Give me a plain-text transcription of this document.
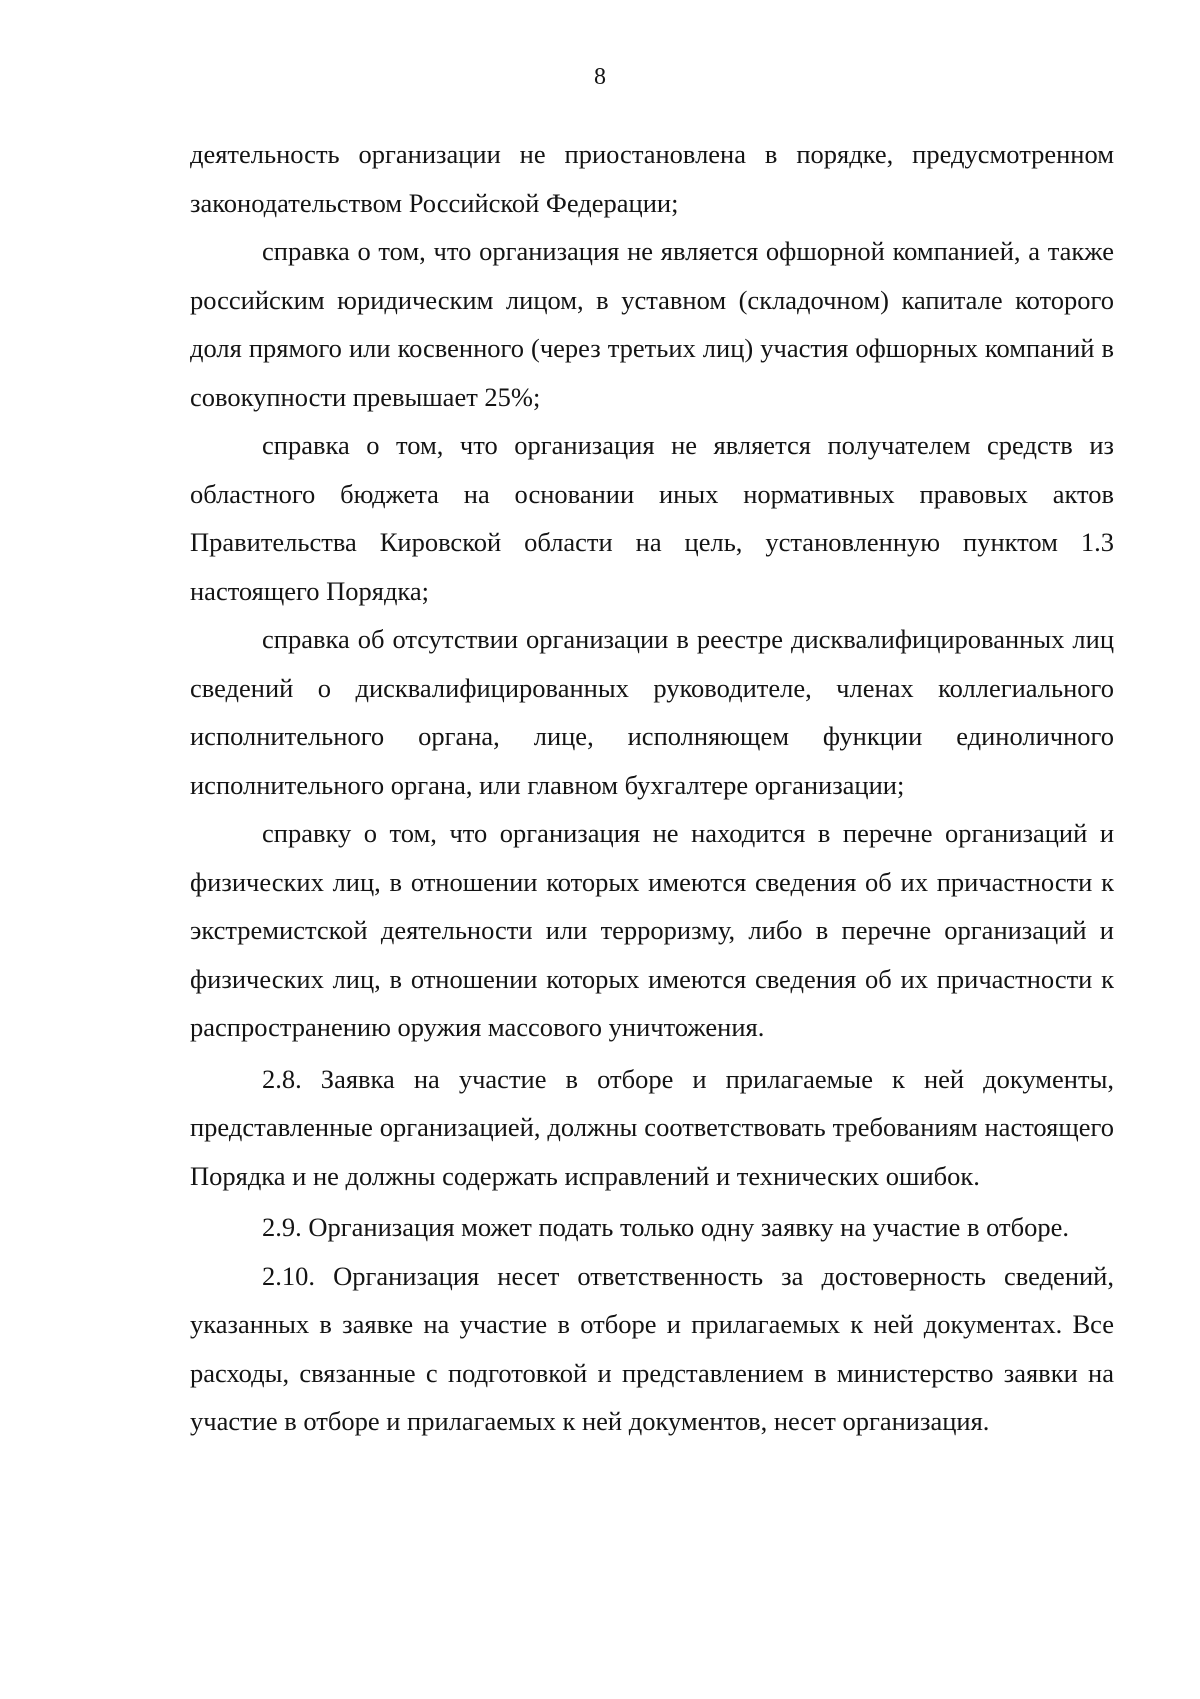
8

деятельность организации не приостановлена в порядке, предусмотренном законодательством Российской Федерации;

справка о том, что организация не является офшорной компанией, а также российским юридическим лицом, в уставном (складочном) капитале которого доля прямого или косвенного (через третьих лиц) участия офшорных компаний в совокупности превышает 25%;

справка о том, что организация не является получателем средств из областного бюджета на основании иных нормативных правовых актов Правительства Кировской области на цель, установленную пунктом 1.3 настоящего Порядка;

справка об отсутствии организации в реестре дисквалифицированных лиц сведений о дисквалифицированных руководителе, членах коллегиального исполнительного органа, лице, исполняющем функции единоличного исполнительного органа, или главном бухгалтере организации;

справку о том, что организация не находится в перечне организаций и физических лиц, в отношении которых имеются сведения об их причастности к экстремистской деятельности или терроризму, либо в перечне организаций и физических лиц, в отношении которых имеются сведения об их причастности к распространению оружия массового уничтожения.

2.8. Заявка на участие в отборе и прилагаемые к ней документы, представленные организацией, должны соответствовать требованиям настоящего Порядка и не должны содержать исправлений и технических ошибок.

2.9. Организация может подать только одну заявку на участие в отборе.

2.10. Организация несет ответственность за достоверность сведений, указанных в заявке на участие в отборе и прилагаемых к ней документах. Все расходы, связанные с подготовкой и представлением в министерство заявки на участие в отборе и прилагаемых к ней документов, несет организация.
